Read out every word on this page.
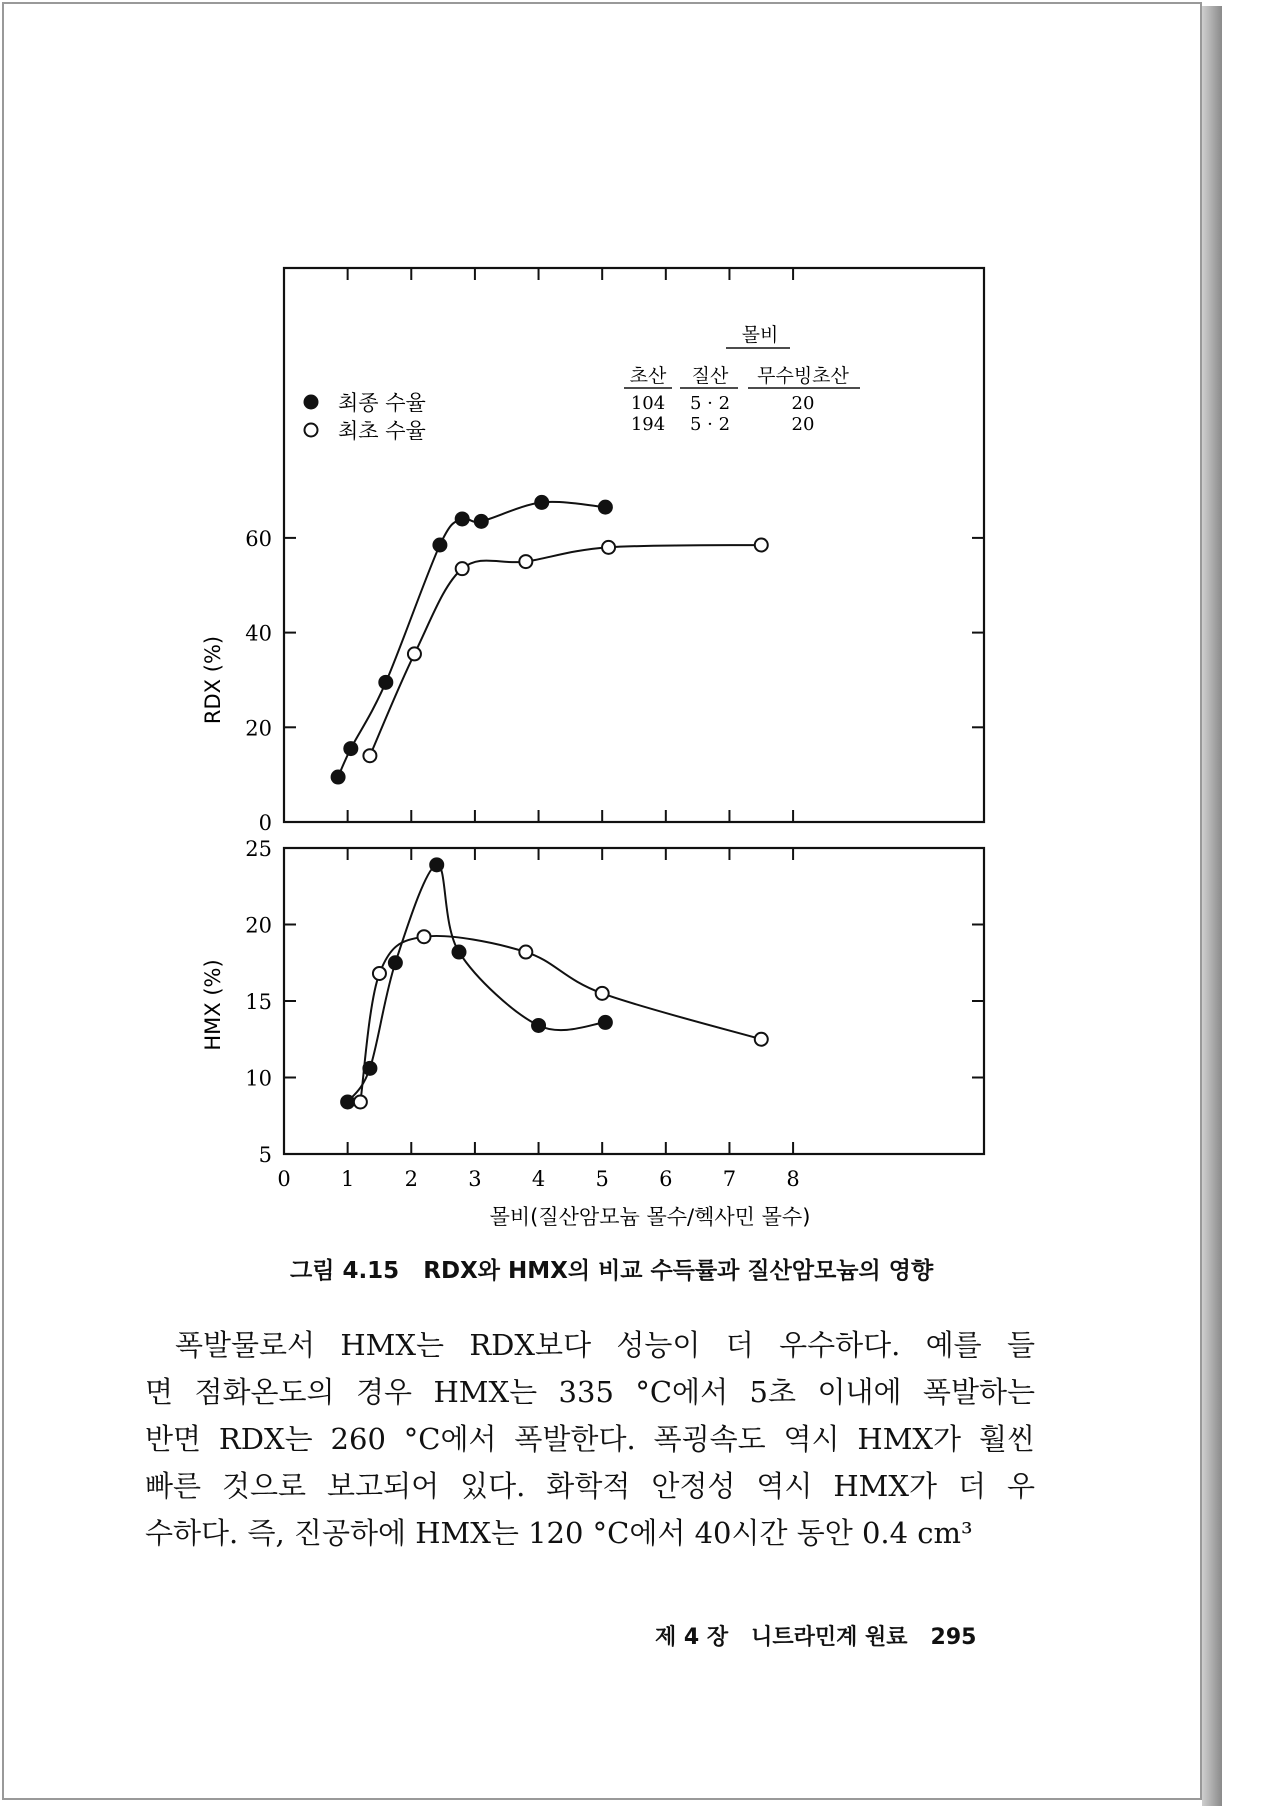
0
20
40
60
5
10
15
20
25
0 1 2 3 4 5 6 7 8
RDX (%)
HMX (%)
몰비(질산암모늄 몰수/헥사민 몰수)
최종 수율
최초 수율
몰비
초산 질산 무수빙초산
104 5 · 2	20
194 5 · 2	20
그림 4.15 RDX와 HMX의 비교 수득률과 질산암모늄의 영향

폭발물로서 HMX는 RDX보다 성능이 더 우수하다. 예를 들

면 점화온도의 경우 HMX는 335 °C에서 5초 이내에 폭발하는

반면 RDX는 260 °C에서 폭발한다. 폭굉속도 역시 HMX가 훨씬

빠른 것으로 보고되어 있다. 화학적 안정성 역시 HMX가 더 우

수하다. 즉, 진공하에 HMX는 120 °C에서 40시간 동안 0.4 cm³

제 4 장 니트라민계 원료 295
